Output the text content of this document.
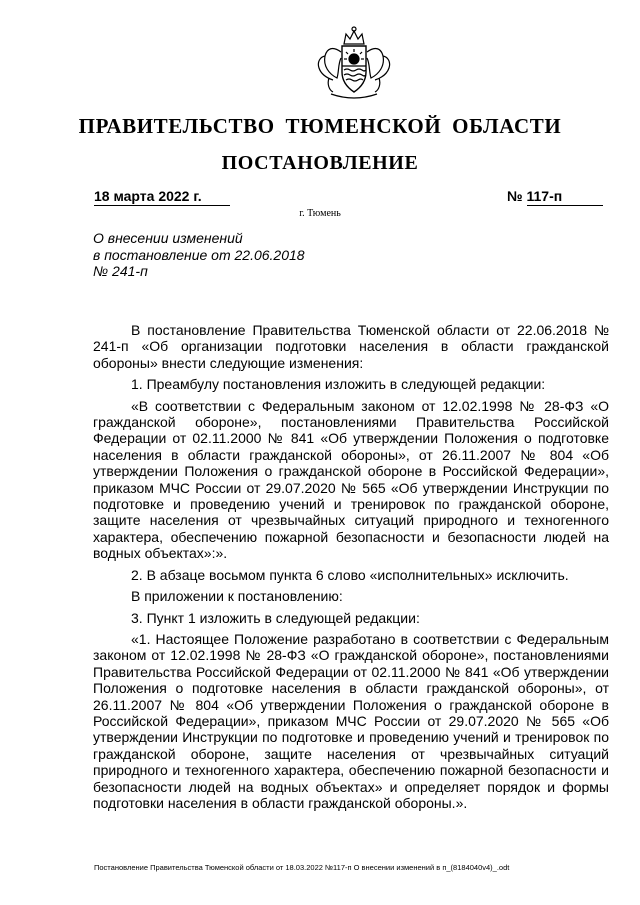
ПРАВИТЕЛЬСТВО ТЮМЕНСКОЙ ОБЛАСТИ
ПОСТАНОВЛЕНИЕ
18 марта 2022 г.	№ 117-п
г. Тюмень
О внесении изменений
в постановление от 22.06.2018
№ 241-п

В постановление Правительства Тюменской области от 22.06.2018 № 241-п «Об организации подготовки населения в области гражданской обороны» внести следующие изменения:

1. Преамбулу постановления изложить в следующей редакции:

«В соответствии с Федеральным законом от 12.02.1998 № 28-ФЗ «О гражданской обороне», постановлениями Правительства Российской Федерации от 02.11.2000 № 841 «Об утверждении Положения о подготовке населения в области гражданской обороны», от 26.11.2007 № 804 «Об утверждении Положения о гражданской обороне в Российской Федерации», приказом МЧС России от 29.07.2020 № 565 «Об утверждении Инструкции по подготовке и проведению учений и тренировок по гражданской обороне, защите населения от чрезвычайных ситуаций природного и техногенного характера, обеспечению пожарной безопасности и безопасности людей на водных объектах»:».

2. В абзаце восьмом пункта 6 слово «исполнительных» исключить.

В приложении к постановлению:

3. Пункт 1 изложить в следующей редакции:

«1. Настоящее Положение разработано в соответствии с Федеральным законом от 12.02.1998 № 28-ФЗ «О гражданской обороне», постановлениями Правительства Российской Федерации от 02.11.2000 № 841 «Об утверждении Положения о подготовке населения в области гражданской обороны», от 26.11.2007 № 804 «Об утверждении Положения о гражданской обороне в Российской Федерации», приказом МЧС России от 29.07.2020 № 565 «Об утверждении Инструкции по подготовке и проведению учений и тренировок по гражданской обороне, защите населения от чрезвычайных ситуаций природного и техногенного характера, обеспечению пожарной безопасности и безопасности людей на водных объектах» и определяет порядок и формы подготовки населения в области гражданской обороны.».

Постановление Правительства Тюменской области от 18.03.2022 №117-п О внесении изменений в п_(8184040v4)_.odt
